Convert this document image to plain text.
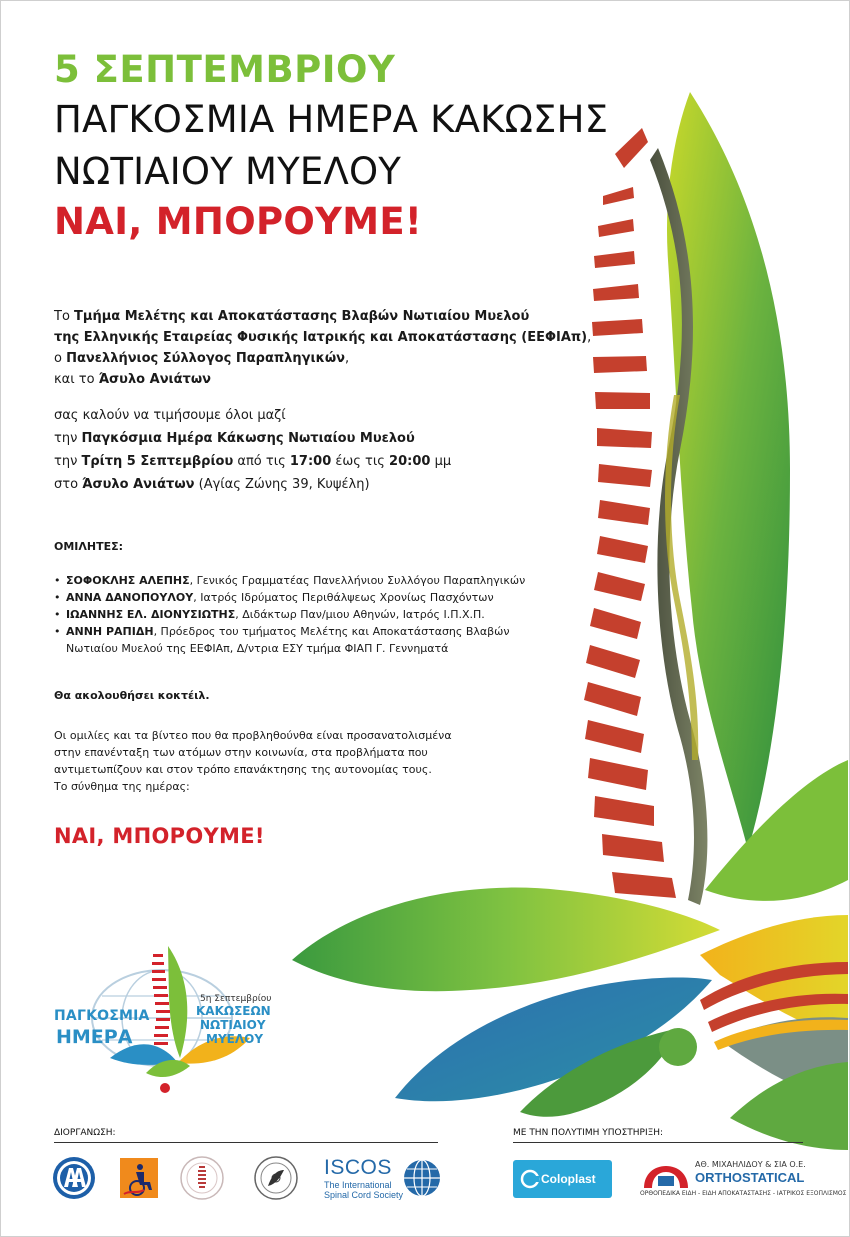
5 ΣΕΠΤΕΜΒΡΙΟΥ
ΠΑΓΚΟΣΜΙΑ ΗΜΕΡΑ ΚΑΚΩΣΗΣ
ΝΩΤΙΑΙΟΥ ΜΥΕΛΟΥ
ΝΑΙ, ΜΠΟΡΟΥΜΕ!
Το Τμήμα Μελέτης και Αποκατάστασης Βλαβών Νωτιαίου Μυελού
της Ελληνικής Εταιρείας Φυσικής Ιατρικής και Αποκατάστασης (ΕΕΦΙΑπ),
ο Πανελλήνιος Σύλλογος Παραπληγικών,
και το Άσυλο Ανιάτων
σας καλούν να τιμήσουμε όλοι μαζί
την Παγκόσμια Ημέρα Κάκωσης Νωτιαίου Μυελού
την Τρίτη 5 Σεπτεμβρίου από τις 17:00 έως τις 20:00 μμ
στο Άσυλο Ανιάτων (Αγίας Ζώνης 39, Κυψέλη)
ΟΜΙΛΗΤΕΣ:
• ΣΟΦΟΚΛΗΣ ΑΛΕΠΗΣ, Γενικός Γραμματέας Πανελλήνιου Συλλόγου Παραπληγικών
• ΑΝΝΑ ΔΑΝΟΠΟΥΛΟΥ, Ιατρός Ιδρύματος Περιθάλψεως Χρονίως Πασχόντων
• ΙΩΑΝΝΗΣ ΕΛ. ΔΙΟΝΥΣΙΩΤΗΣ, Διδάκτωρ Παν/μιου Αθηνών, Ιατρός Ι.Π.Χ.Π.
• ΑΝΝΗ ΡΑΠΙΔΗ, Πρόεδρος του τμήματος Μελέτης και Αποκατάστασης Βλαβών
Νωτιαίου Μυελού της ΕΕΦΙΑπ, Δ/ντρια ΕΣΥ τμήμα ΦΙΑΠ Γ. Γεννηματά
Θα ακολουθήσει κοκτέιλ.
Οι ομιλίες και τα βίντεο που θα προβληθούνθα είναι προσανατολισμένα
στην επανένταξη των ατόμων στην κοινωνία, στα προβλήματα που
αντιμετωπίζουν και στον τρόπο επανάκτησης της αυτονομίας τους.
Το σύνθημα της ημέρας:
ΝΑΙ, ΜΠΟΡΟΥΜΕ!
ΠΑΓΚΟΣΜΙΑ
ΗΜΕΡΑ
5η Σεπτεμβρίου
ΚΑΚΩΣΕΩΝ
ΝΩΤΙΑΙΟΥ
ΜΥΕΛΟΥ
ΔΙΟΡΓΑΝΩΣΗ:	ΜΕ ΤΗΝ ΠΟΛΥΤΙΜΗ ΥΠΟΣΤΗΡΙΞΗ:
ISCOS
The International
Spinal Cord Society
Coloplast
ΑΘ. ΜΙΧΑΗΛΙΔΟΥ & ΣΙΑ Ο.Ε.
ORTHOSTATICAL
ΟΡΘΟΠΕΔΙΚΑ ΕΙΔΗ - ΕΙΔΗ ΑΠΟΚΑΤΑΣΤΑΣΗΣ - ΙΑΤΡΙΚΟΣ ΕΞΟΠΛΙΣΜΟΣ
